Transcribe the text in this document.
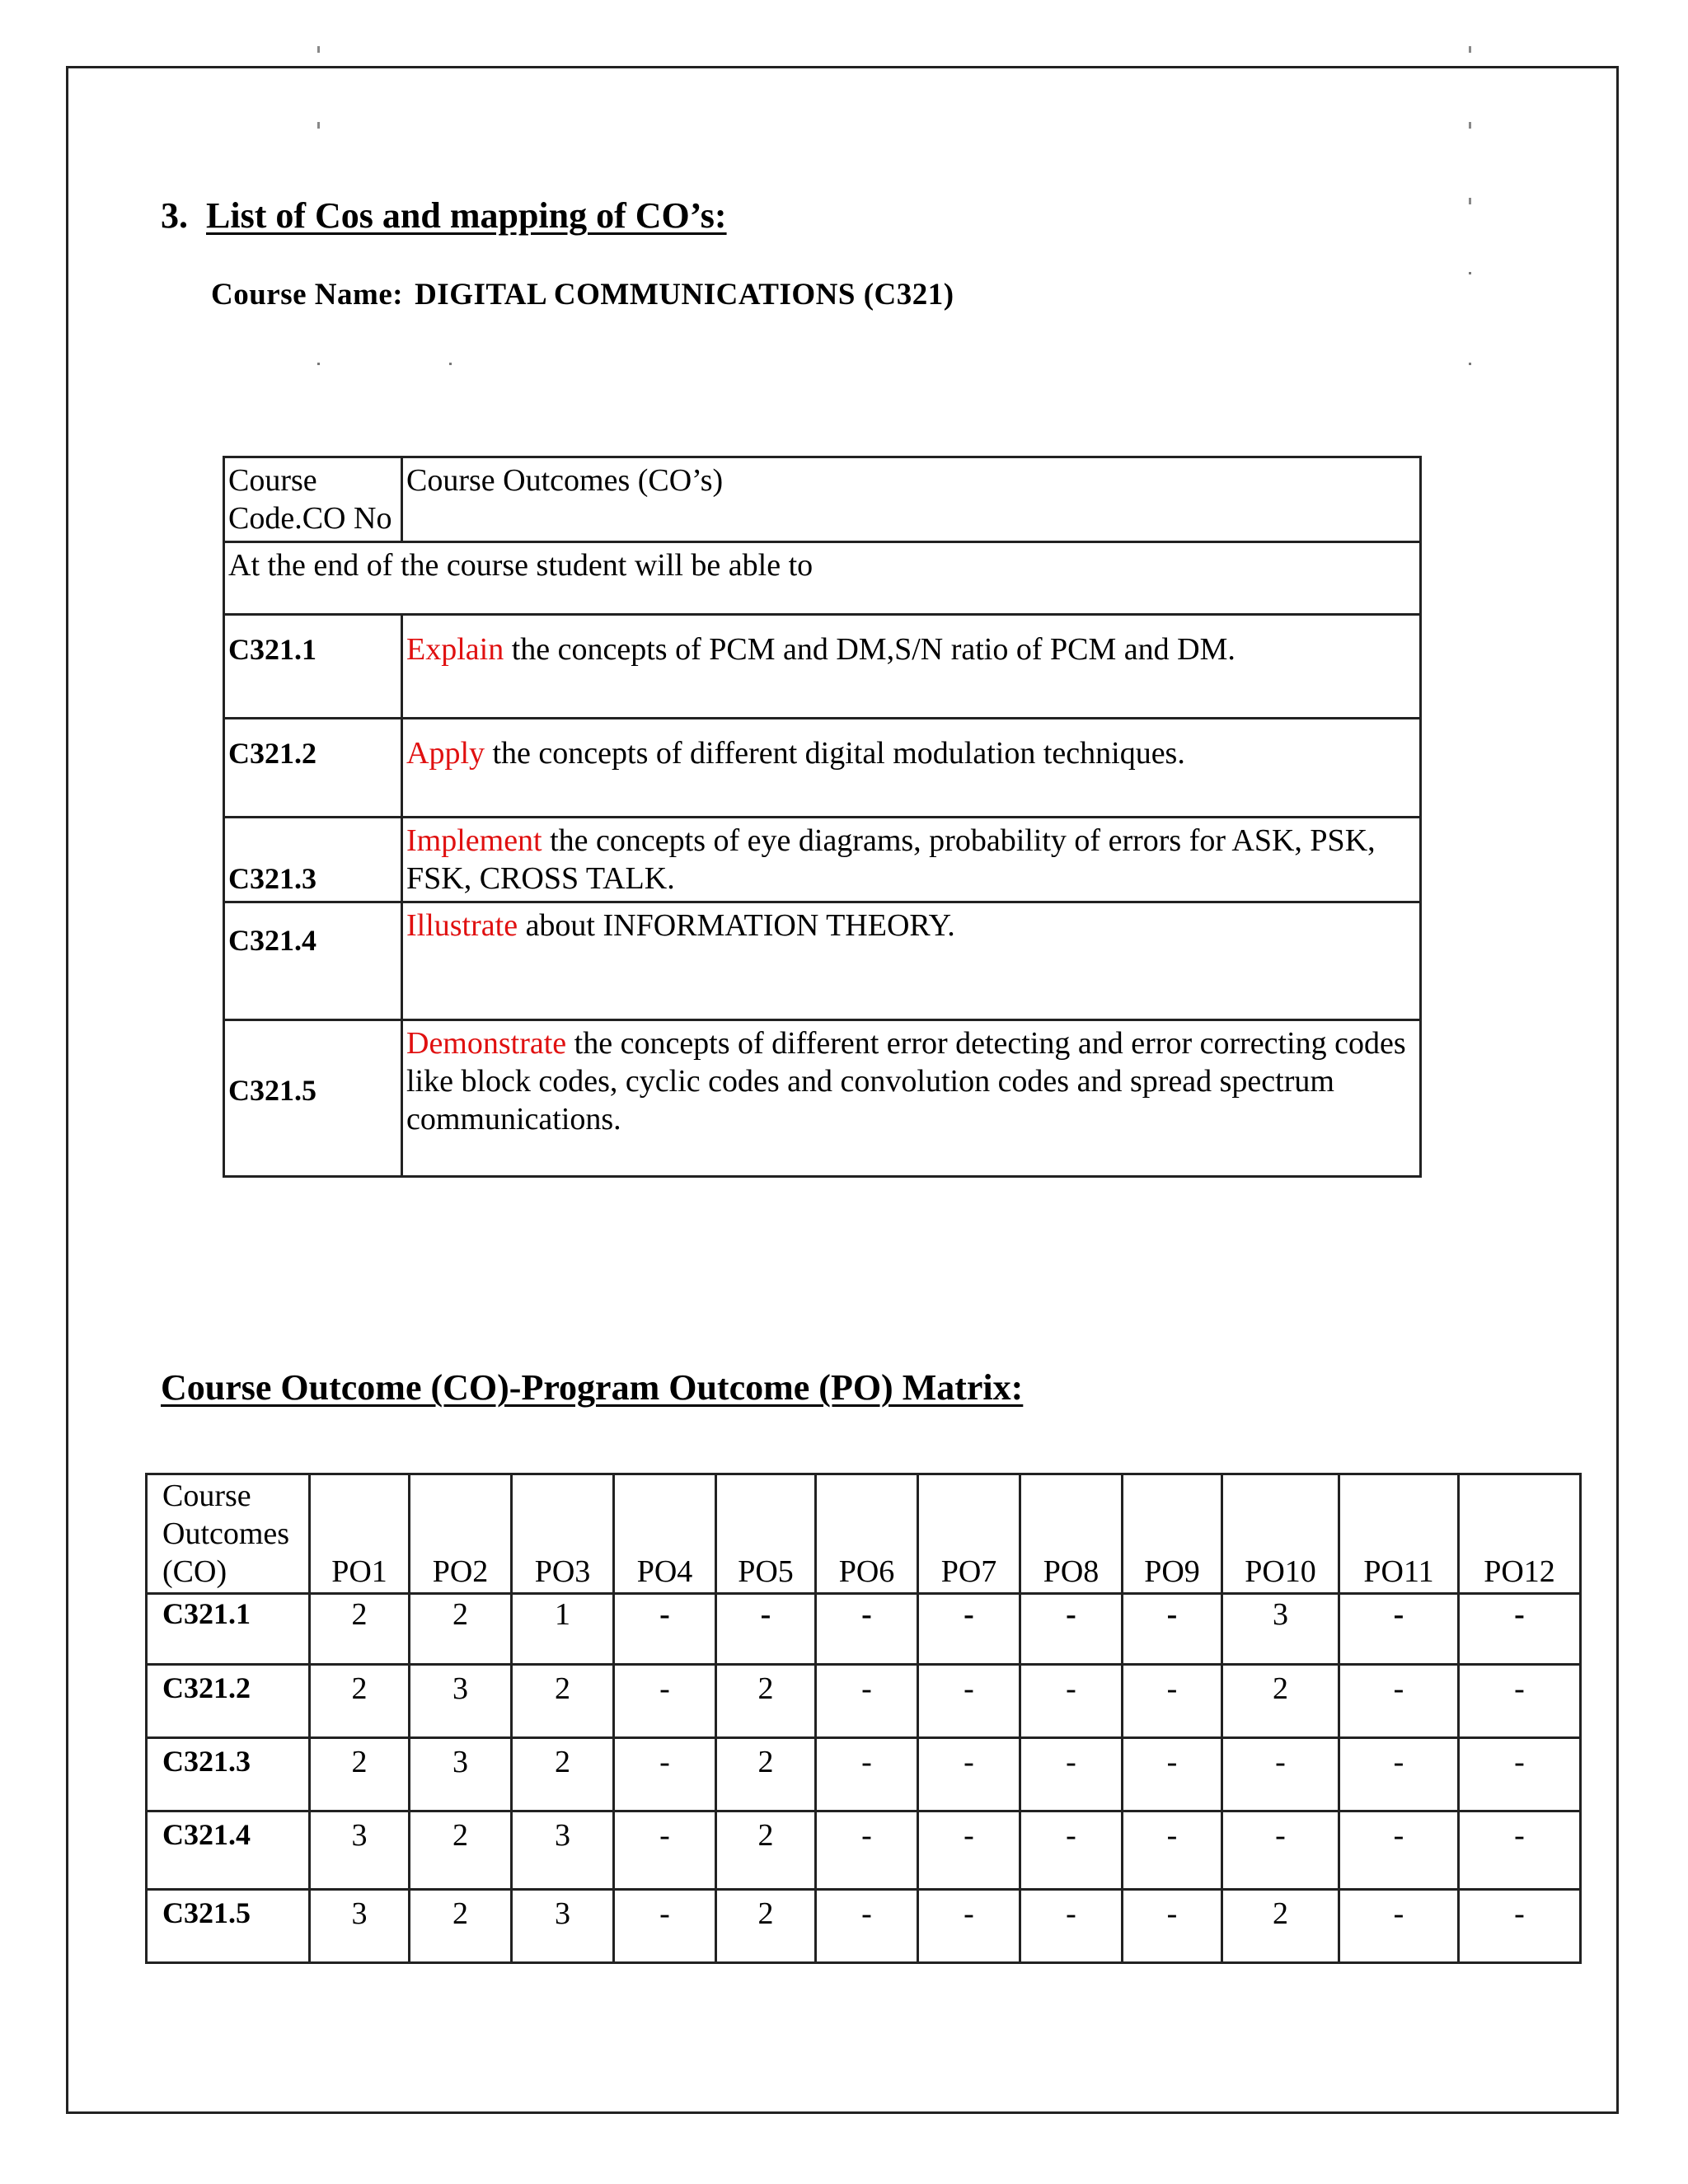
3. List of Cos and mapping of CO’s:
Course Name: DIGITAL COMMUNICATIONS (C321)
Course Code.CO No	Course Outcomes (CO’s)
At the end of the course student will be able to	
C321.1	Explain the concepts of PCM and DM,S/N ratio of PCM and DM.
C321.2	Apply the concepts of different digital modulation techniques.
C321.3	Implement the concepts of eye diagrams, probability of errors for ASK, PSK, FSK, CROSS TALK.
C321.4	Illustrate about INFORMATION THEORY.
C321.5	Demonstrate the concepts of different error detecting and error correcting codes like block codes, cyclic codes and convolution codes and spread spectrum communications.
Course Outcome (CO)-Program Outcome (PO) Matrix:
Course Outcomes (CO)	PO1	PO2	PO3	PO4	PO5	PO6	PO7	PO8	PO9	PO10	PO11	PO12
C321.1	2	2	1	-	-	-	-	-	-	3	-	-
C321.2	2	3	2	-	2	-	-	-	-	2	-	-
C321.3	2	3	2	-	2	-	-	-	-	-	-	-
C321.4	3	2	3	-	2	-	-	-	-	-	-	-
C321.5	3	2	3	-	2	-	-	-	-	2	-	-
